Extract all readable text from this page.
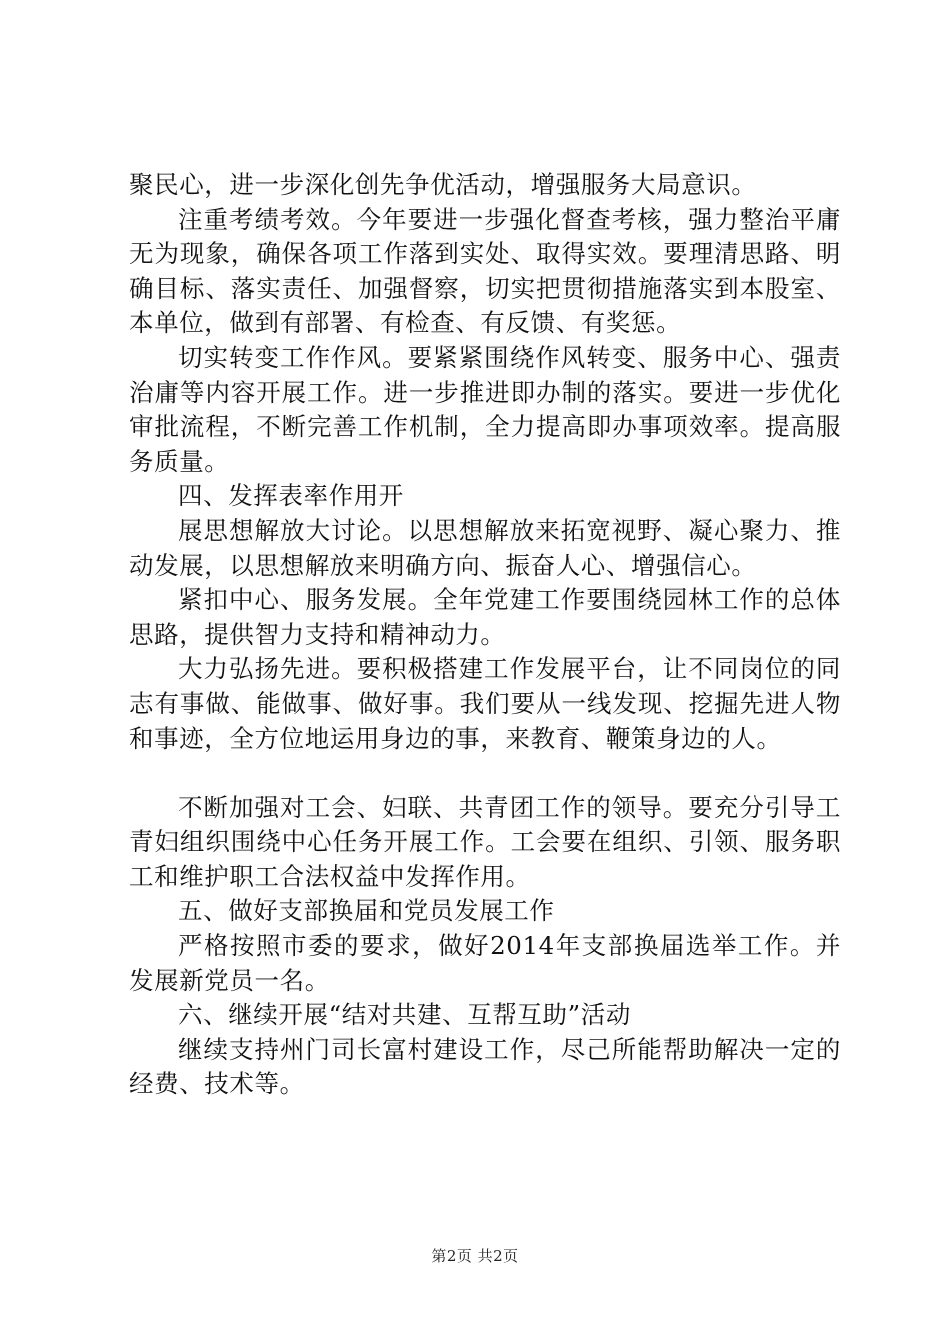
聚民心，进一步深化创先争优活动，增强服务大局意识。

注重考绩考效。今年要进一步强化督查考核，强力整治平庸无为现象，确保各项工作落到实处、取得实效。要理清思路、明确目标、落实责任、加强督察，切实把贯彻措施落实到本股室、本单位，做到有部署、有检查、有反馈、有奖惩。

切实转变工作作风。要紧紧围绕作风转变、服务中心、强责治庸等内容开展工作。进一步推进即办制的落实。要进一步优化审批流程，不断完善工作机制，全力提高即办事项效率。提高服务质量。

四、发挥表率作用开

展思想解放大讨论。以思想解放来拓宽视野、凝心聚力、推动发展，以思想解放来明确方向、振奋人心、增强信心。

紧扣中心、服务发展。全年党建工作要围绕园林工作的总体思路，提供智力支持和精神动力。

大力弘扬先进。要积极搭建工作发展平台，让不同岗位的同志有事做、能做事、做好事。我们要从一线发现、挖掘先进人物和事迹，全方位地运用身边的事，来教育、鞭策身边的人。

不断加强对工会、妇联、共青团工作的领导。要充分引导工青妇组织围绕中心任务开展工作。工会要在组织、引领、服务职工和维护职工合法权益中发挥作用。

五、做好支部换届和党员发展工作

严格按照市委的要求，做好2014年支部换届选举工作。并发展新党员一名。

六、继续开展“结对共建、互帮互助”活动

继续支持州门司长富村建设工作，尽己所能帮助解决一定的经费、技术等。

第2页 共2页
